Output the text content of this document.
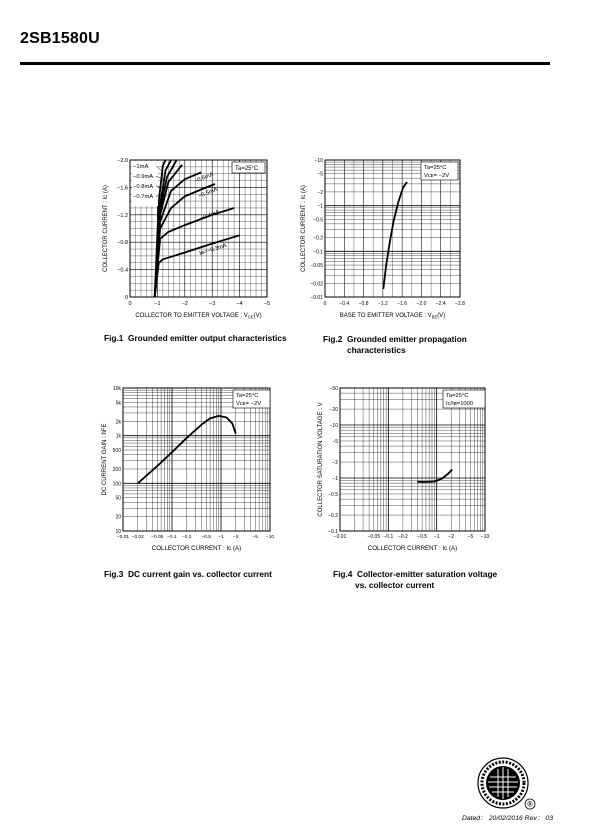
2SB1580U
0	−1	−2	−3	−4	−5
0
−0.4
−0.8
−1.2
−1.6
−2.0
COLLECTOR TO EMITTER VOLTAGE : $V_{CE}(V)$
COLLECTOR CURRENT : Ic (A)
Ta=25°C
−1mA
−0.9mA
−0.8mA
−0.7mA
−0.6mA
−0.5mA
−0.4mA
Iʙ=−0.3mA
Fig.1 Grounded emitter output characteristics
0	−0.4 −0.8 −1.2 −1.6 −2.0 −2.4 −2.8
−10
−5
−2
−1
−0.5
−0.2
−0.1
−0.05
−0.02
−0.01
BASE TO EMITTER VOLTAGE : $V_{BE}(V)$
COLLECTOR CURRENT : Ic (A)
Ta=25°C
Vᴄᴇ= −2V
Fig.2 Grounded emitter propagation
characteristics
−0.01 −0.02 −0.05 −0.1 −0.2 −0.5 −1 −2	−5 −10
10k
5k
2k
1k
500
200
100
50
20
10
COLLECTOR CURRENT : Ic (A)
DC CURRENT GAIN : hFE
Ta=25°C
Vᴄᴇ= −2V
Fig.3 DC current gain vs. collector current
−0.01	−0.05 −0.1 −0.2 −0.5 −1 −2	−5 −10
−50
−20
−10
−5
−2
−1
−0.5
−0.2
−0.1
COLLECTOR CURRENT : Ic (A)
COLLECTOR SATURATION VOLTAGE : V
Ta=25°C
Ic/Iʙ=1000
Fig.4 Collector-emitter saturation voltage
vs. collector current
®
Dated： 20/02/2016 Rev： 03
